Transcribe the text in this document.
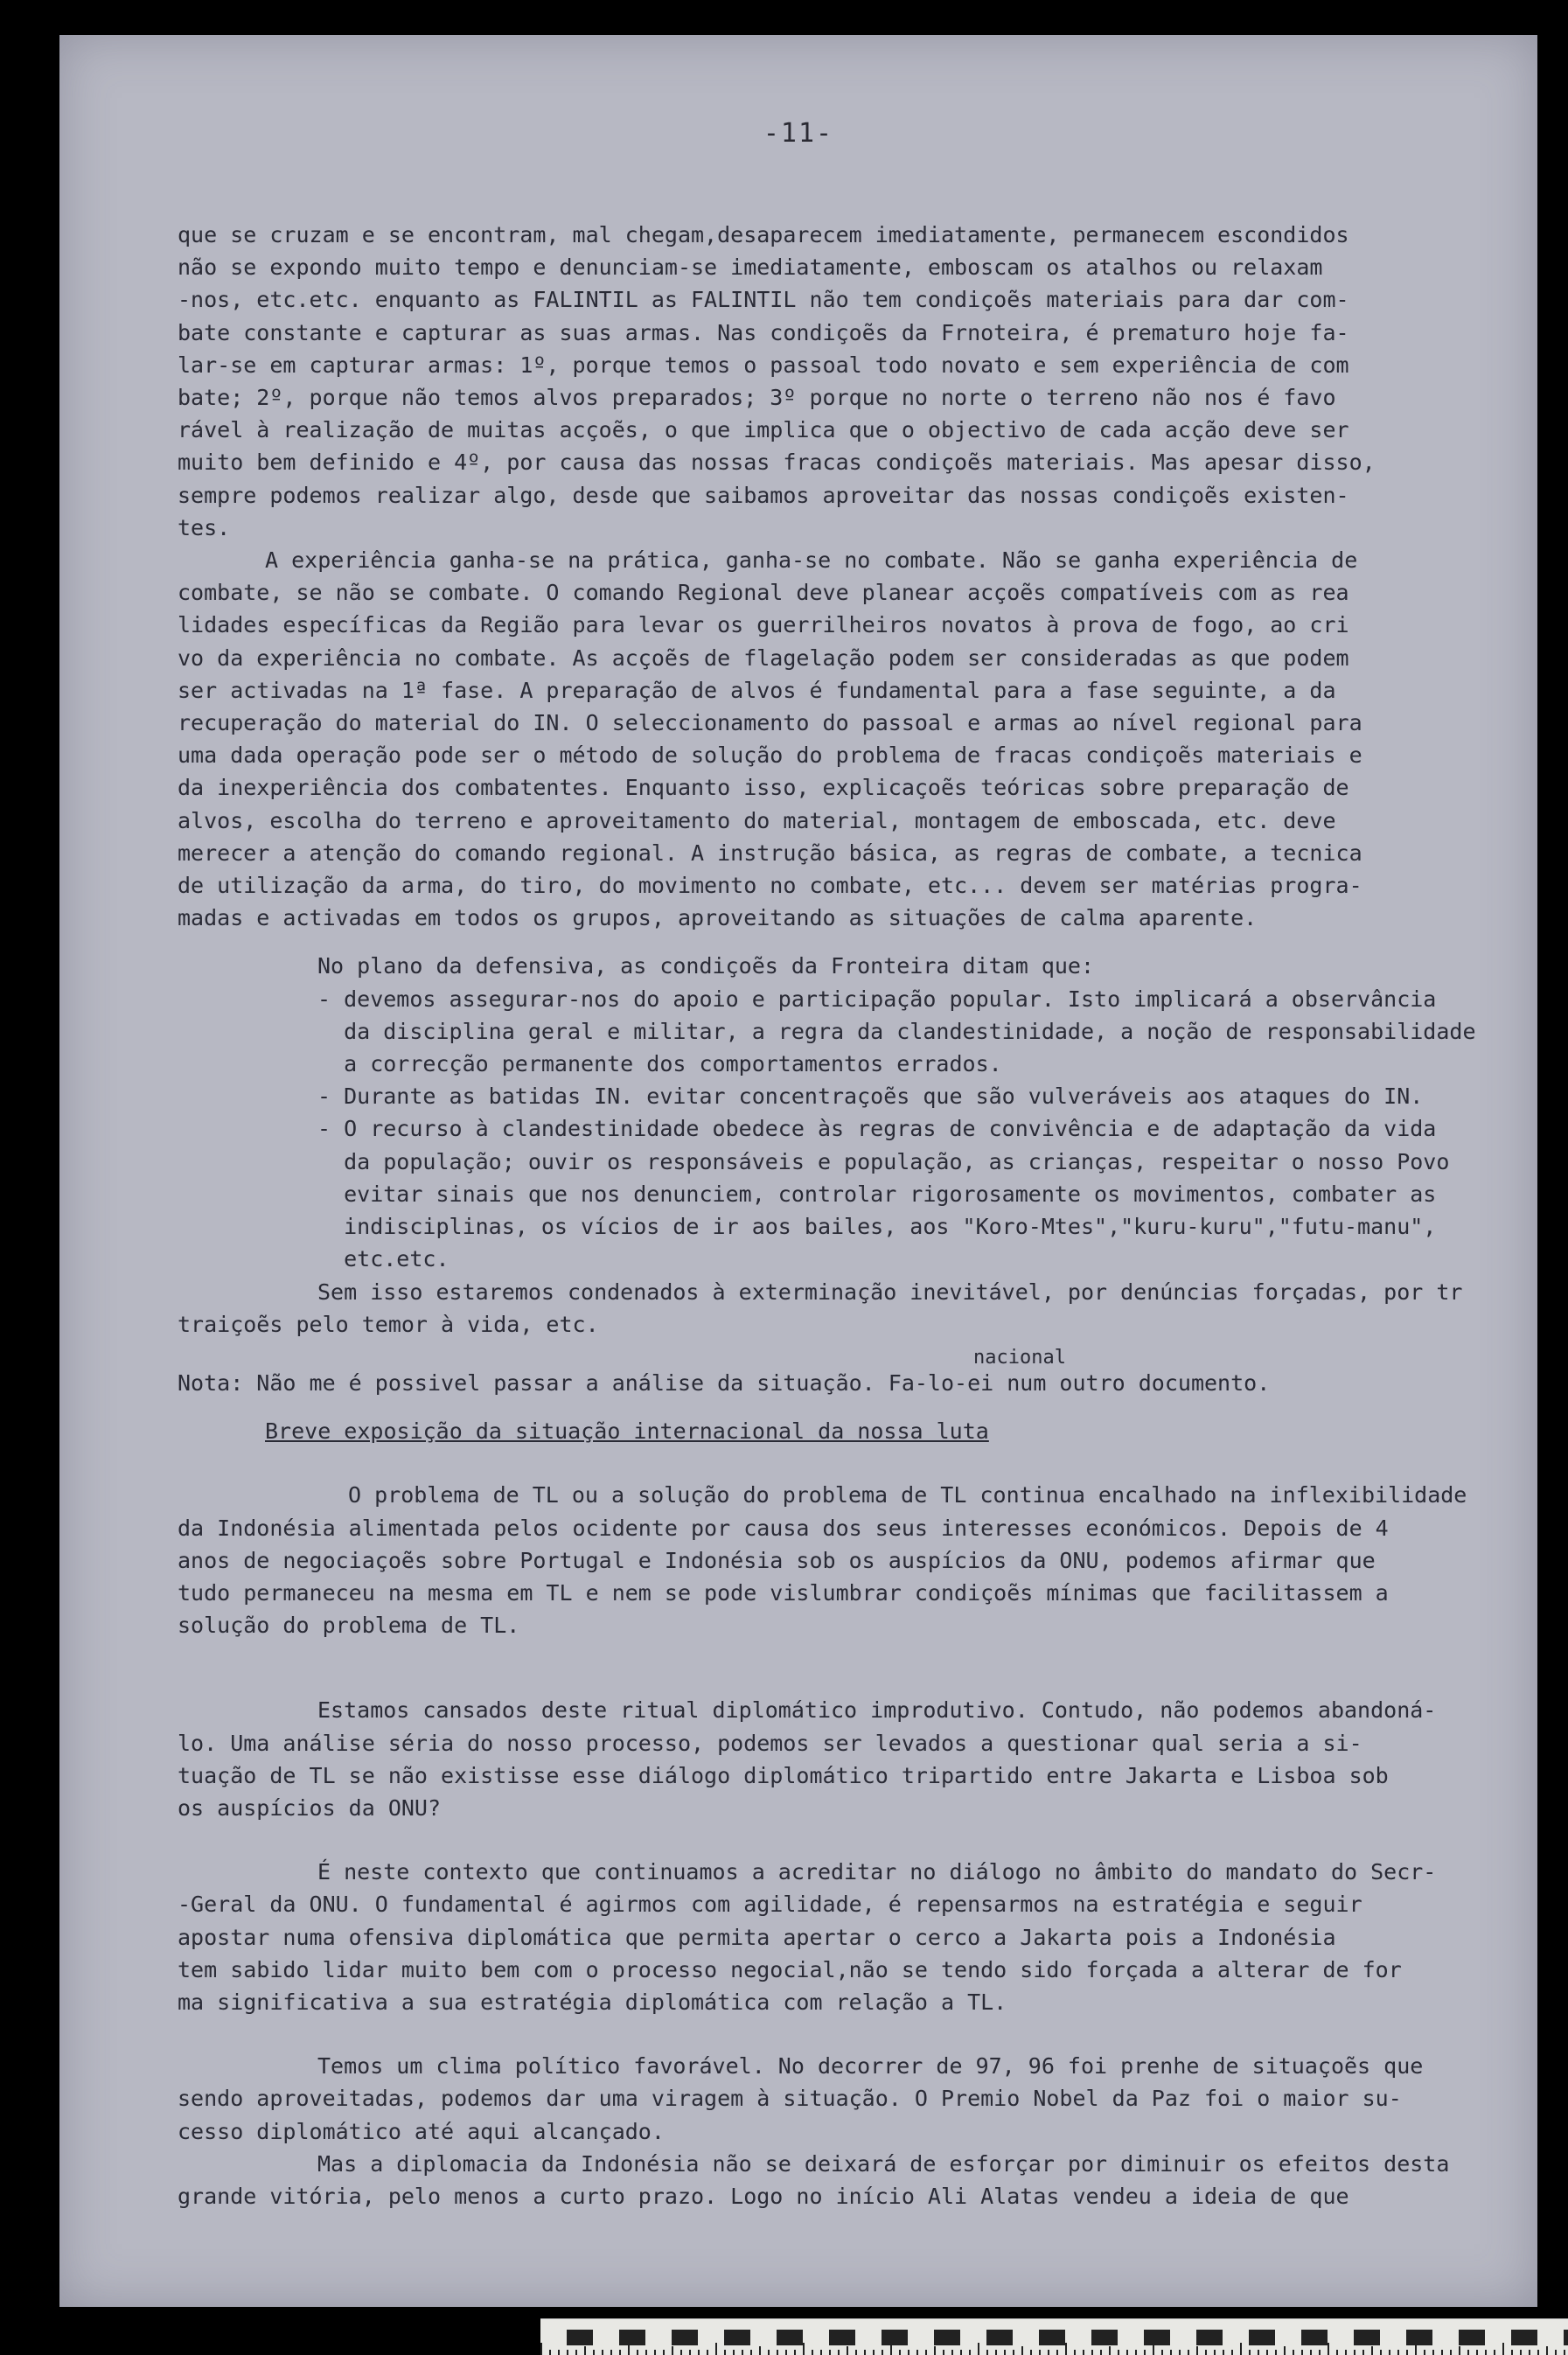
-11-
que se cruzam e se encontram, mal chegam,desaparecem imediatamente, permanecem escondidos
não se expondo muito tempo e denunciam-se imediatamente, emboscam os atalhos ou relaxam
-nos, etc.etc. enquanto as FALINTIL as FALINTIL não tem condiçoẽs materiais para dar com-
bate constante e capturar as suas armas. Nas condiçoẽs da Frnoteira, é prematuro hoje fa-
lar-se em capturar armas: 1º, porque temos o passoal todo novato e sem experiência de com
bate; 2º, porque não temos alvos preparados; 3º porque no norte o terreno não nos é favo
rável à realização de muitas acçoẽs, o que implica que o objectivo de cada acção deve ser
muito bem definido e 4º, por causa das nossas fracas condiçoẽs materiais. Mas apesar disso,
sempre podemos realizar algo, desde que saibamos aproveitar das nossas condiçoẽs existen-
tes.
A experiência ganha-se na prática, ganha-se no combate. Não se ganha experiência de
combate, se não se combate. O comando Regional deve planear acçoẽs compatíveis com as rea
lidades específicas da Região para levar os guerrilheiros novatos à prova de fogo, ao cri
vo da experiência no combate. As acçoẽs de flagelação podem ser consideradas as que podem
ser activadas na 1ª fase. A preparação de alvos é fundamental para a fase seguinte, a da
recuperação do material do IN. O seleccionamento do passoal e armas ao nível regional para
uma dada operação pode ser o método de solução do problema de fracas condiçoẽs materiais e
da inexperiência dos combatentes. Enquanto isso, explicaçoẽs teóricas sobre preparação de
alvos, escolha do terreno e aproveitamento do material, montagem de emboscada, etc. deve
merecer a atenção do comando regional. A instrução básica, as regras de combate, a tecnica
de utilização da arma, do tiro, do movimento no combate, etc... devem ser matérias progra-
madas e activadas em todos os grupos, aproveitando as situações de calma aparente.
No plano da defensiva, as condiçoẽs da Fronteira ditam que:
- devemos assegurar-nos do apoio e participação popular. Isto implicará a observância
da disciplina geral e militar, a regra da clandestinidade, a noção de responsabilidade
a correcção permanente dos comportamentos errados.
- Durante as batidas IN. evitar concentraçoẽs que são vulveráveis aos ataques do IN.
- O recurso à clandestinidade obedece às regras de convivência e de adaptação da vida
da população; ouvir os responsáveis e população, as crianças, respeitar o nosso Povo
evitar sinais que nos denunciem, controlar rigorosamente os movimentos, combater as
indisciplinas, os vícios de ir aos bailes, aos "Koro-Mtes","kuru-kuru","futu-manu",
etc.etc.
Sem isso estaremos condenados à exterminação inevitável, por denúncias forçadas, por tr
traiçoẽs pelo temor à vida, etc.
nacional
Nota: Não me é possivel passar a análise da situação. Fa-lo-ei num outro documento.
Breve exposição da situação internacional da nossa luta
O problema de TL ou a solução do problema de TL continua encalhado na inflexibilidade
da Indonésia alimentada pelos ocidente por causa dos seus interesses económicos. Depois de 4
anos de negociaçoẽs sobre Portugal e Indonésia sob os auspícios da ONU, podemos afirmar que
tudo permaneceu na mesma em TL e nem se pode vislumbrar condiçoẽs mínimas que facilitassem a
solução do problema de TL.
Estamos cansados deste ritual diplomático improdutivo. Contudo, não podemos abandoná-
lo. Uma análise séria do nosso processo, podemos ser levados a questionar qual seria a si-
tuação de TL se não existisse esse diálogo diplomático tripartido entre Jakarta e Lisboa sob
os auspícios da ONU?
É neste contexto que continuamos a acreditar no diálogo no âmbito do mandato do Secr-
-Geral da ONU. O fundamental é agirmos com agilidade, é repensarmos na estratégia e seguir
apostar numa ofensiva diplomática que permita apertar o cerco a Jakarta pois a Indonésia
tem sabido lidar muito bem com o processo negocial,não se tendo sido forçada a alterar de for
ma significativa a sua estratégia diplomática com relação a TL.
Temos um clima político favorável. No decorrer de 97, 96 foi prenhe de situaçoẽs que
sendo aproveitadas, podemos dar uma viragem à situação. O Premio Nobel da Paz foi o maior su-
cesso diplomático até aqui alcançado.
Mas a diplomacia da Indonésia não se deixará de esforçar por diminuir os efeitos desta
grande vitória, pelo menos a curto prazo. Logo no início Ali Alatas vendeu a ideia de que
